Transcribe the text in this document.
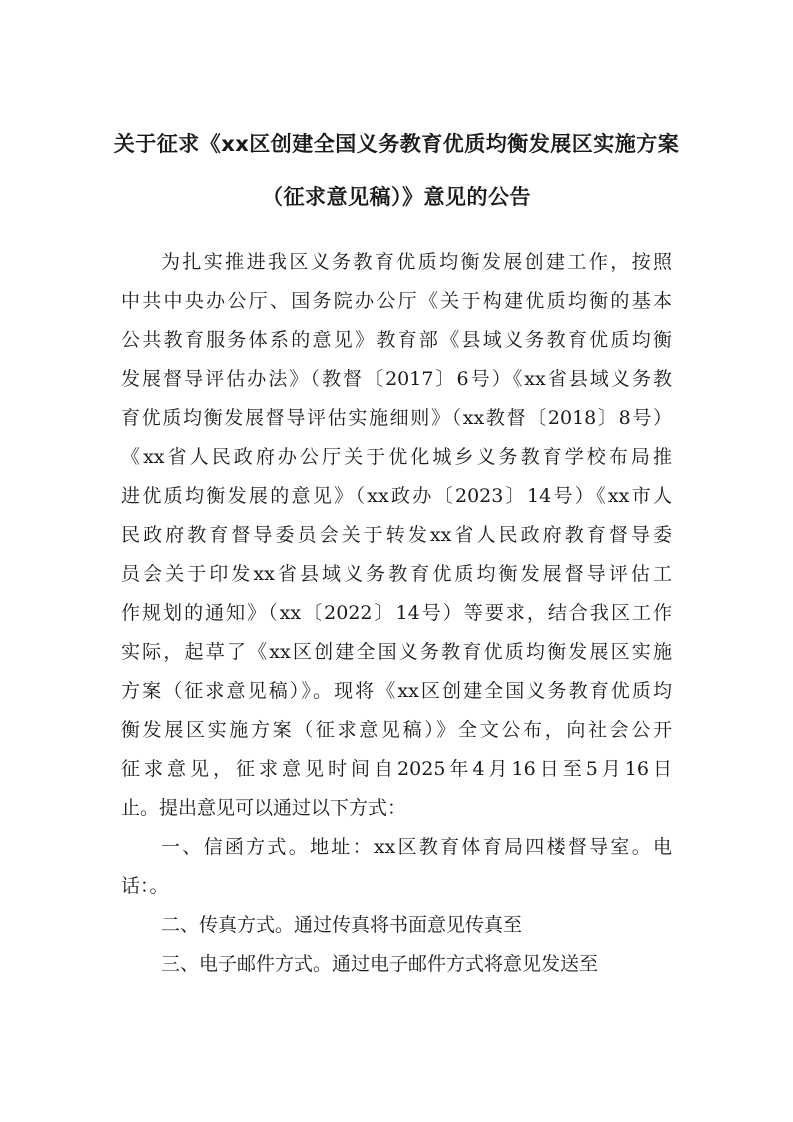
关于征求《xx区创建全国义务教育优质均衡发展区实施方案
（征求意见稿）》意见的公告
为扎实推进我区义务教育优质均衡发展创建工作，按照
中共中央办公厅、国务院办公厅《关于构建优质均衡的基本
公共教育服务体系的意见》教育部《县域义务教育优质均衡
发展督导评估办法》（教督〔2017〕6号）《xx省县域义务教
育优质均衡发展督导评估实施细则》（xx教督〔2018〕8号）
《xx省人民政府办公厅关于优化城乡义务教育学校布局推
进优质均衡发展的意见》（xx政办〔2023〕14号）《xx市人
民政府教育督导委员会关于转发xx省人民政府教育督导委
员会关于印发xx省县域义务教育优质均衡发展督导评估工
作规划的通知》（xx〔2022〕14号）等要求，结合我区工作
实际，起草了《xx区创建全国义务教育优质均衡发展区实施
方案（征求意见稿）》。现将《xx区创建全国义务教育优质均
衡发展区实施方案（征求意见稿）》全文公布，向社会公开
征求意见，征求意见时间自2025年4月16日至5月16日
止。提出意见可以通过以下方式：
一、信函方式。地址：xx区教育体育局四楼督导室。电
话：。
二、传真方式。通过传真将书面意见传真至
三、电子邮件方式。通过电子邮件方式将意见发送至
